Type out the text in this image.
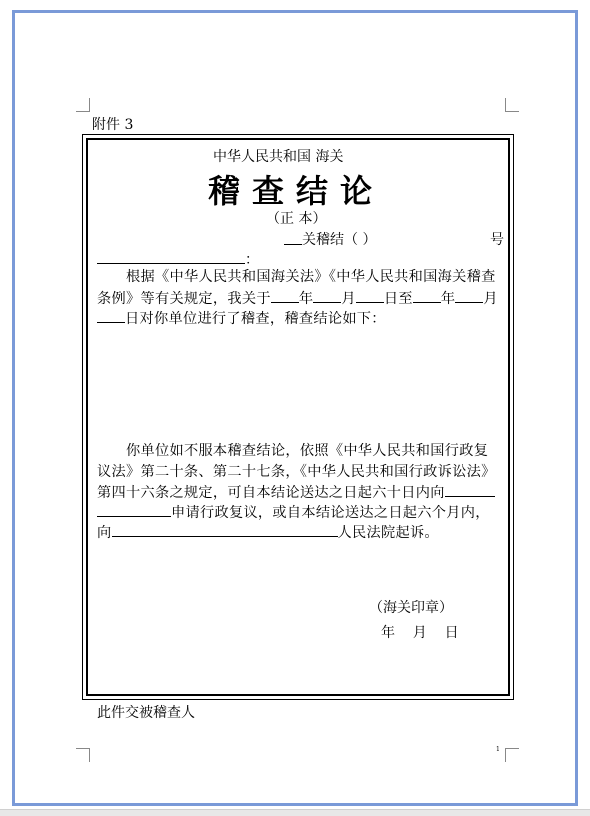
附件 3
中华人民共和国 海关
稽查结论
（正 本）
关稽结（ ）	号
：
根据《中华人民共和国海关法》《中华人民共和国海关稽查
条例》等有关规定，我关于 年 月 日至 年 月
日对你单位进行了稽查，稽查结论如下：
你单位如不服本稽查结论，依照《中华人民共和国行政复
议法》第二十条、第二十七条，《中华人民共和国行政诉讼法》
第四十六条之规定，可自本结论送达之日起六十日内向
申请行政复议，或自本结论送达之日起六个月内，
向	人民法院起诉。
（海关印章）
年    月    日
此件交被稽查人
1
